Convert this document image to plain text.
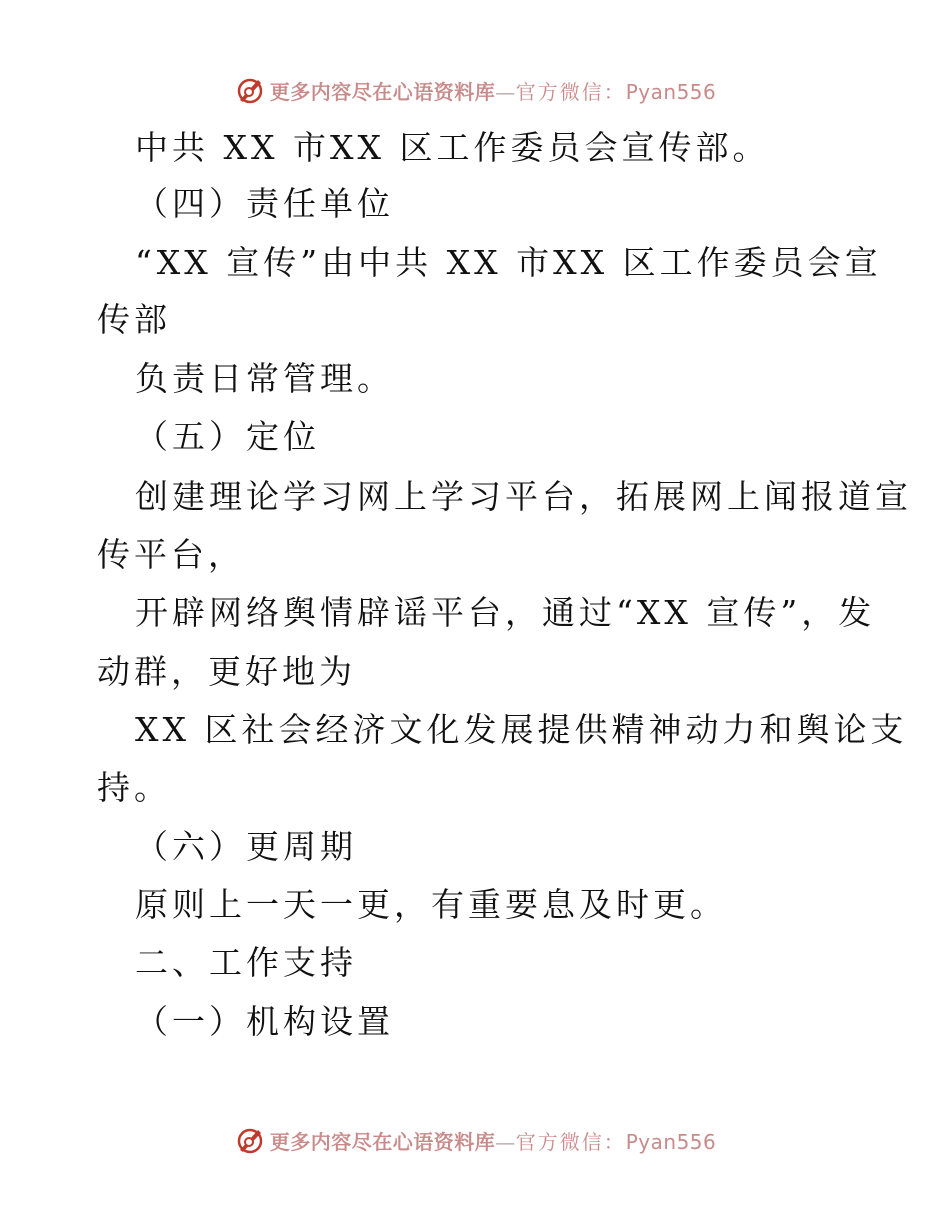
更多内容尽在心语资料库—官方微信：Pyan556
中共 XX 市XX 区工作委员会宣传部。
（四）责任单位
“XX 宣传”由中共 XX 市XX 区工作委员会宣
传部
负责日常管理。
（五）定位
创建理论学习网上学习平台，拓展网上闻报道宣
传平台，
开辟网络舆情辟谣平台，通过“XX 宣传”，发
动群，更好地为
XX 区社会经济文化发展提供精神动力和舆论支
持。
（六）更周期
原则上一天一更，有重要息及时更。
二、工作支持
（一）机构设置
更多内容尽在心语资料库—官方微信：Pyan556
